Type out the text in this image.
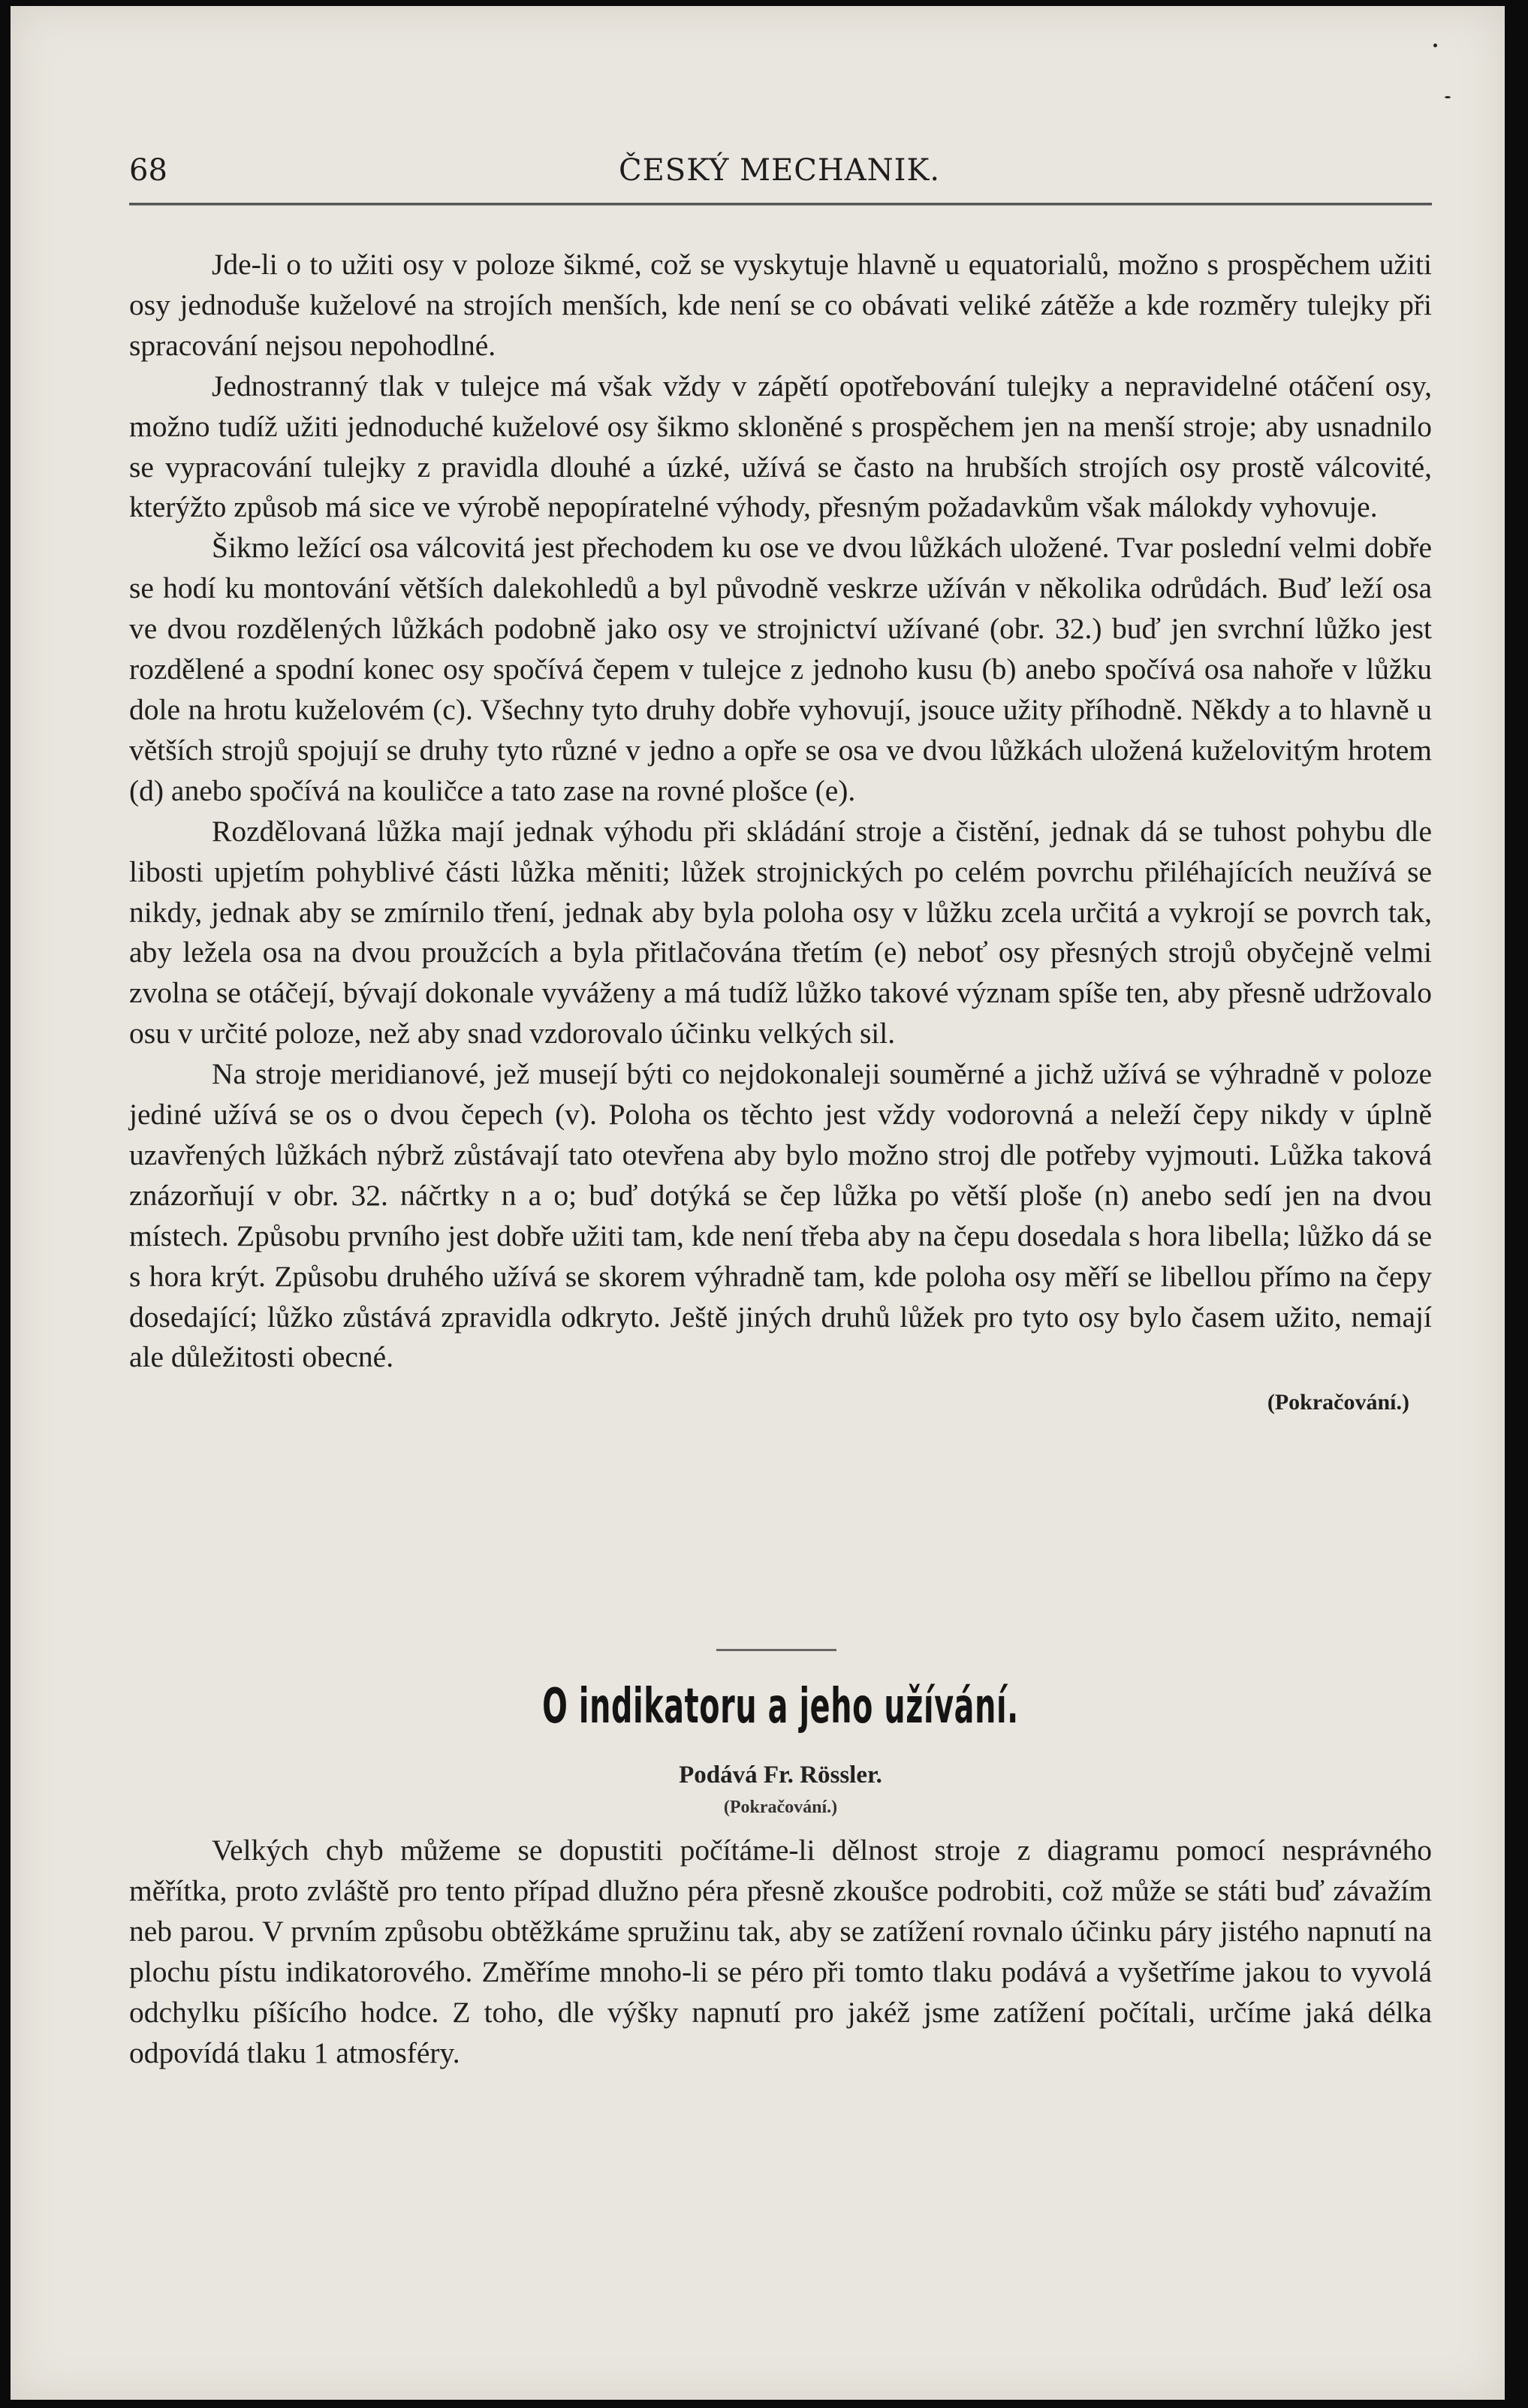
68	ČESKÝ MECHANIK.

Jde-li o to užiti osy v poloze šikmé, což se vyskytuje hlavně u equatorialů, možno s prospěchem užiti osy jednoduše kuželové na strojích menších, kde není se co obávati veliké zátěže a kde rozměry tulejky při spracování nejsou nepohodlné.

Jednostranný tlak v tulejce má však vždy v zápětí opotřebování tulejky a nepravidelné otáčení osy, možno tudíž užiti jednoduché kuželové osy šikmo skloněné s prospěchem jen na menší stroje; aby usnadnilo se vypracování tulejky z pravidla dlouhé a úzké, užívá se často na hrubších strojích osy prostě válcovité, kterýžto způsob má sice ve výrobě nepopíratelné výhody, přesným požadavkům však málokdy vyhovuje.

Šikmo ležící osa válcovitá jest přechodem ku ose ve dvou lůžkách uložené. Tvar poslední velmi dobře se hodí ku montování větších dalekohledů a byl původně veskrze užíván v několika odrůdách. Buď leží osa ve dvou rozdělených lůžkách podobně jako osy ve strojnictví užívané (obr. 32.) buď jen svrchní lůžko jest rozdělené a spodní konec osy spočívá čepem v tulejce z jednoho kusu (b) anebo spočívá osa nahoře v lůžku dole na hrotu kuželovém (c). Všechny tyto druhy dobře vyhovují, jsouce užity příhodně. Někdy a to hlavně u větších strojů spojují se druhy tyto různé v jedno a opře se osa ve dvou lůžkách uložená kuželovitým hrotem (d) anebo spočívá na kouličce a tato zase na rovné plošce (e).

Rozdělovaná lůžka mají jednak výhodu při skládání stroje a čistění, jednak dá se tuhost pohybu dle libosti upjetím pohyblivé části lůžka měniti; lůžek strojnických po celém povrchu přiléhajících neužívá se nikdy, jednak aby se zmírnilo tření, jednak aby byla poloha osy v lůžku zcela určitá a vykrojí se povrch tak, aby ležela osa na dvou proužcích a byla přitlačována třetím (e) neboť osy přesných strojů obyčejně velmi zvolna se otáčejí, bývají dokonale vyváženy a má tudíž lůžko takové význam spíše ten, aby přesně udržovalo osu v určité poloze, než aby snad vzdorovalo účinku velkých sil.

Na stroje meridianové, jež musejí býti co nejdokonaleji souměrné a jichž užívá se výhradně v poloze jediné užívá se os o dvou čepech (v). Poloha os těchto jest vždy vodorovná a neleží čepy nikdy v úplně uzavřených lůžkách nýbrž zůstávají tato otevřena aby bylo možno stroj dle potřeby vyjmouti. Lůžka taková znázorňují v obr. 32. náčrtky n a o; buď dotýká se čep lůžka po větší ploše (n) anebo sedí jen na dvou místech. Způsobu prvního jest dobře užiti tam, kde není třeba aby na čepu dosedala s hora libella; lůžko dá se s hora krýt. Způsobu druhého užívá se skorem výhradně tam, kde poloha osy měří se libellou přímo na čepy dosedající; lůžko zůstává zpravidla odkryto. Ještě jiných druhů lůžek pro tyto osy bylo časem užito, nemají ale důležitosti obecné.

(Pokračování.)
O indikatoru a jeho užívání.
Podává Fr. Rössler.
(Pokračování.)

Velkých chyb můžeme se dopustiti počítáme-li dělnost stroje z diagramu pomocí nesprávného měřítka, proto zvláště pro tento případ dlužno péra přesně zkoušce podrobiti, což může se státi buď závažím neb parou. V prvním způsobu obtěžkáme spružinu tak, aby se zatížení rovnalo účinku páry jistého napnutí na plochu pístu indikatorového. Změříme mnoho-li se péro při tomto tlaku podává a vyšetříme jakou to vyvolá odchylku píšícího hodce. Z toho, dle výšky napnutí pro jakéž jsme zatížení počítali, určíme jaká délka odpovídá tlaku 1 atmosféry.
